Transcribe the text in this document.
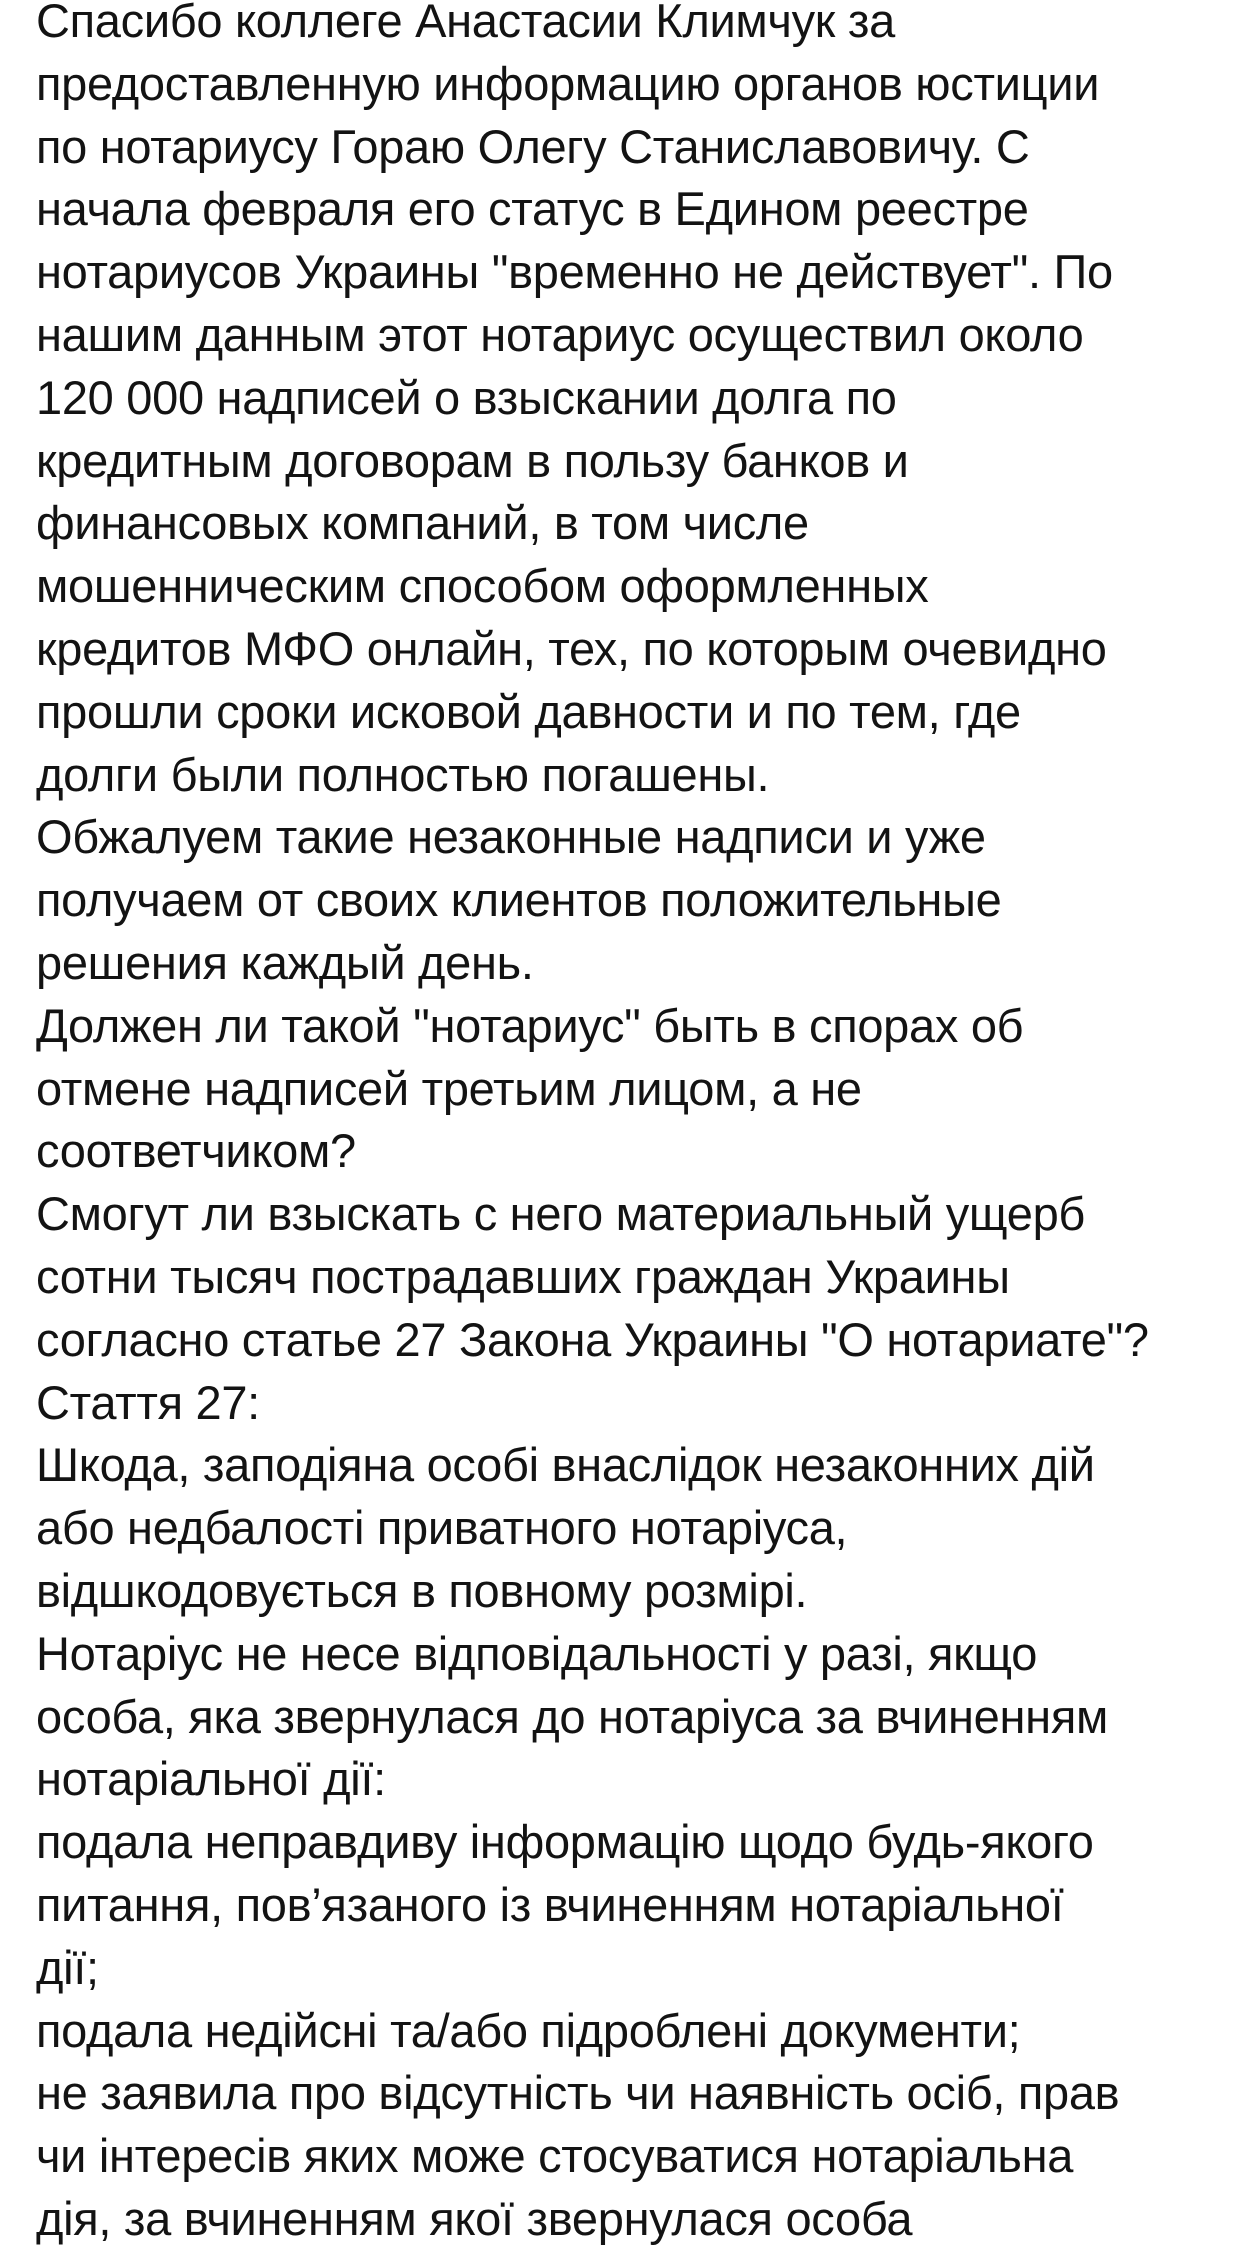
Спасибо коллеге Анастасии Климчук за
предоставленную информацию органов юстиции
по нотариусу Гораю Олегу Станиславовичу. С
начала февраля его статус в Едином реестре
нотариусов Украины "временно не действует". По
нашим данным этот нотариус осуществил около
120 000 надписей о взыскании долга по
кредитным договорам в пользу банков и
финансовых компаний, в том числе
мошенническим способом оформленных
кредитов МФО онлайн, тех, по которым очевидно
прошли сроки исковой давности и по тем, где
долги были полностью погашены.
Обжалуем такие незаконные надписи и уже
получаем от своих клиентов положительные
решения каждый день.
Должен ли такой "нотариус" быть в спорах об
отмене надписей третьим лицом, а не
соответчиком?
Смогут ли взыскать с него материальный ущерб
сотни тысяч пострадавших граждан Украины
согласно статье 27 Закона Украины "О нотариате"?
Стаття 27:
Шкода, заподіяна особі внаслідок незаконних дій
або недбалості приватного нотаріуса,
відшкодовується в повному розмірі.
Нотаріус не несе відповідальності у разі, якщо
особа, яка звернулася до нотаріуса за вчиненням
нотаріальної дії:
подала неправдиву інформацію щодо будь-якого
питання, пов’язаного із вчиненням нотаріальної
дії;
подала недійсні та/або підроблені документи;
не заявила про відсутність чи наявність осіб, прав
чи інтересів яких може стосуватися нотаріальна
дія, за вчиненням якої звернулася особа
